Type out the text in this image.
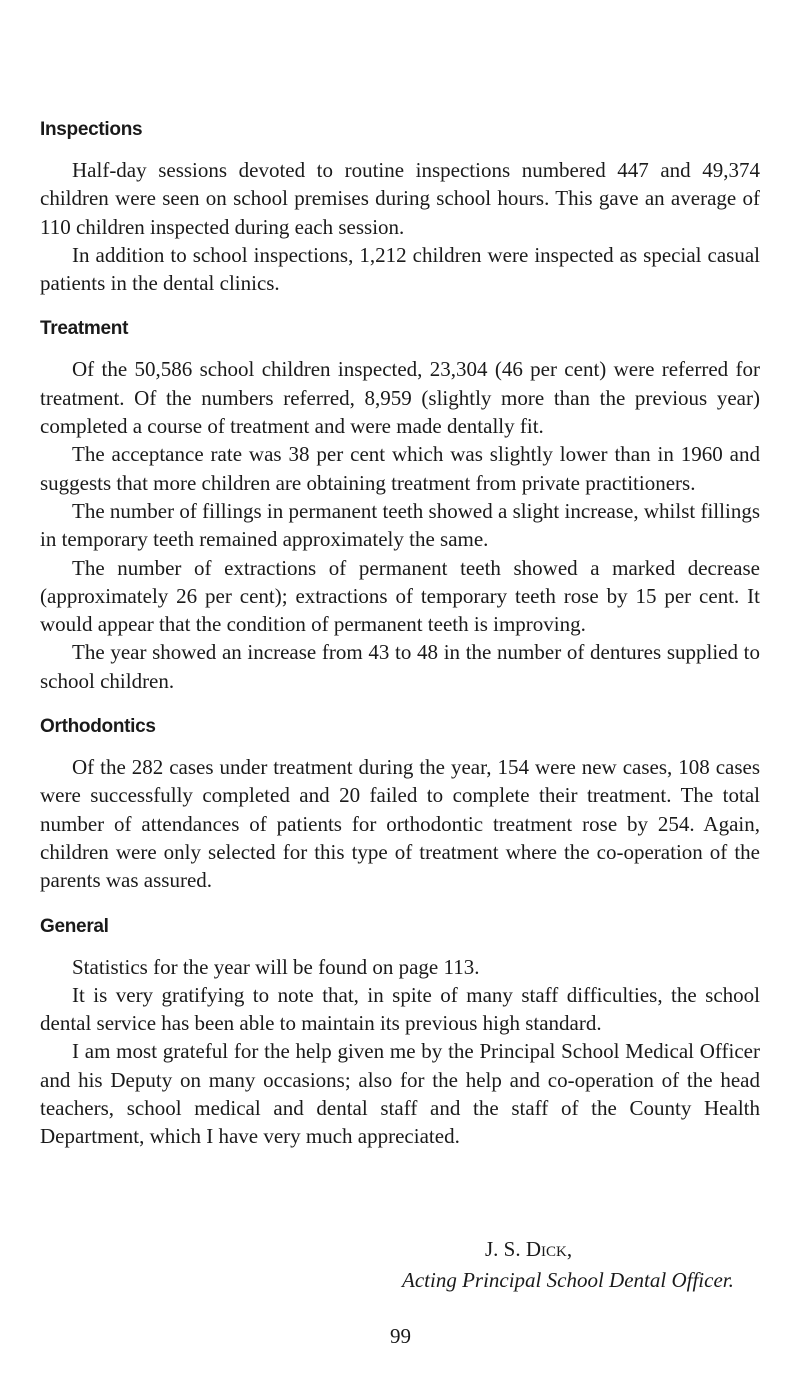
Inspections

Half-day sessions devoted to routine inspections numbered 447 and 49,374 children were seen on school premises during school hours. This gave an average of 110 children inspected during each session.

In addition to school inspections, 1,212 children were inspected as special casual patients in the dental clinics.

Treatment

Of the 50,586 school children inspected, 23,304 (46 per cent) were referred for treatment. Of the numbers referred, 8,959 (slightly more than the previous year) completed a course of treatment and were made dentally fit.

The acceptance rate was 38 per cent which was slightly lower than in 1960 and suggests that more children are obtaining treatment from private practitioners.

The number of fillings in permanent teeth showed a slight increase, whilst fillings in temporary teeth remained approximately the same.

The number of extractions of permanent teeth showed a marked decrease (approximately 26 per cent); extractions of temporary teeth rose by 15 per cent. It would appear that the condition of permanent teeth is improving.

The year showed an increase from 43 to 48 in the number of dentures supplied to school children.

Orthodontics

Of the 282 cases under treatment during the year, 154 were new cases, 108 cases were successfully completed and 20 failed to complete their treatment. The total number of attendances of patients for orthodontic treatment rose by 254. Again, children were only selected for this type of treatment where the co-operation of the parents was assured.

General

Statistics for the year will be found on page 113.

It is very gratifying to note that, in spite of many staff difficulties, the school dental service has been able to maintain its previous high standard.

I am most grateful for the help given me by the Principal School Medical Officer and his Deputy on many occasions; also for the help and co-operation of the head teachers, school medical and dental staff and the staff of the County Health Department, which I have very much appreciated.

J. S. Dick,
Acting Principal School Dental Officer.
99
